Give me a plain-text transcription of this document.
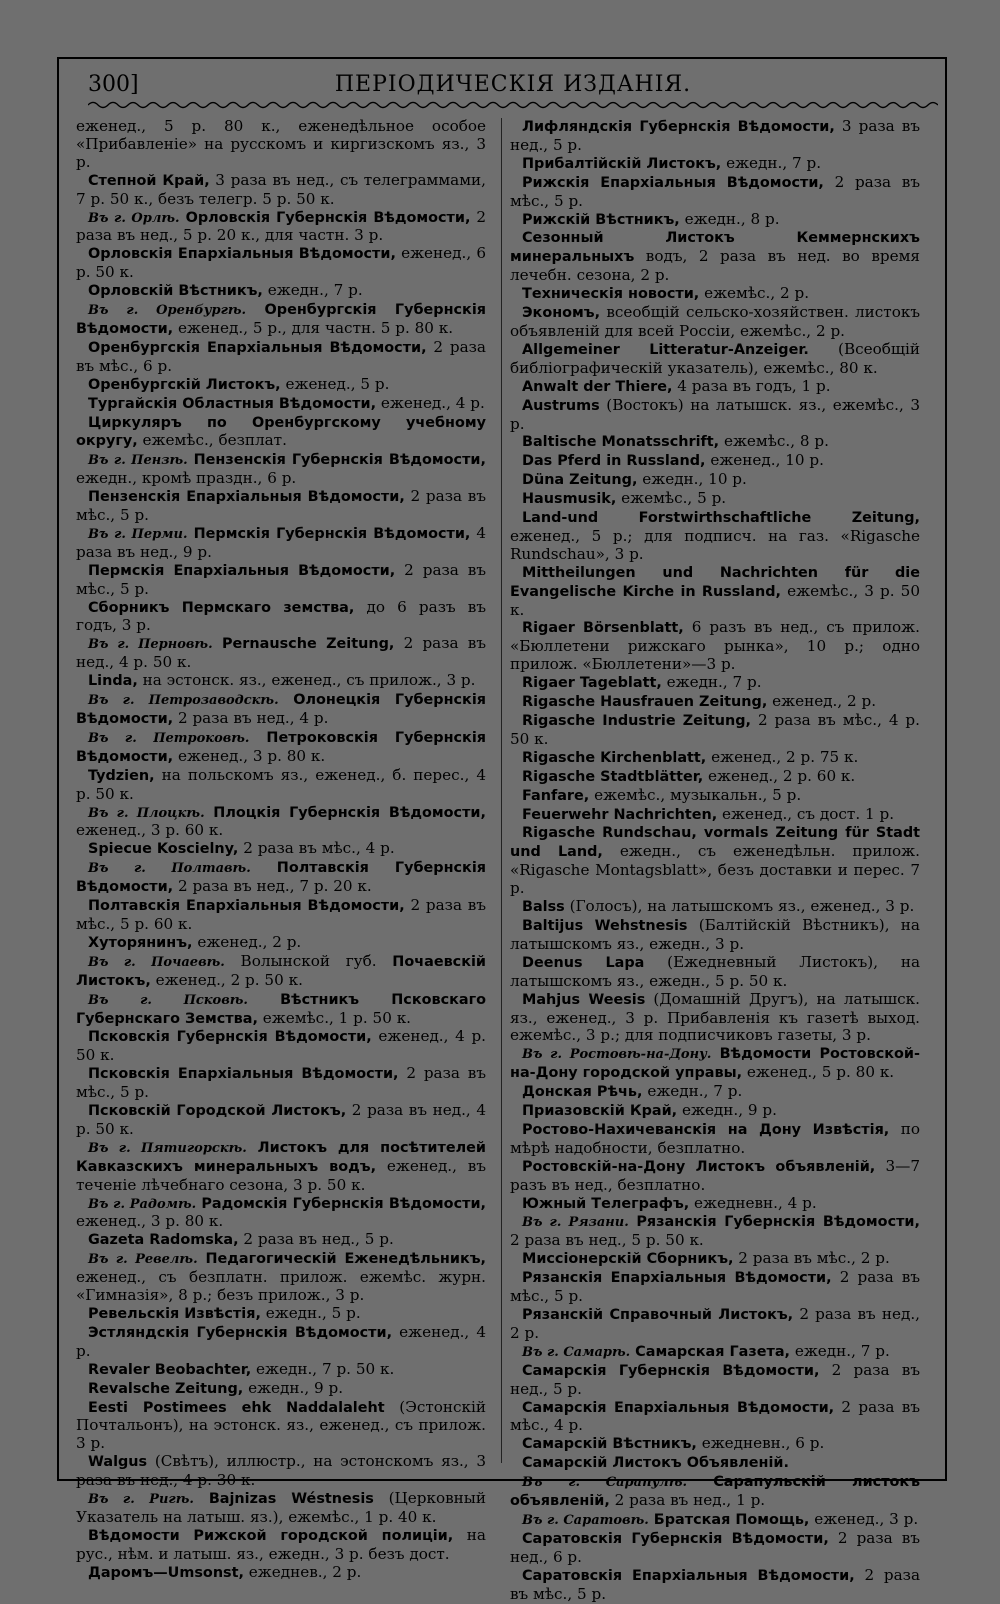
300]	ПЕРІОДИЧЕСКІЯ ИЗДАНІЯ.

еженед., 5 р. 80 к., еженедѣльное особое «Прибавленіе» на русскомъ и киргизскомъ яз., 3 р.

Степной Край, 3 раза въ нед., съ телеграммами, 7 р. 50 к., безъ телегр. 5 р. 50 к.

Въ г. Орлѣ. Орловскія Губернскія Вѣдомости, 2 раза въ нед., 5 р. 20 к., для частн. 3 р.

Орловскія Епархіальныя Вѣдомости, еженед., 6 р. 50 к.

Орловскій Вѣстникъ, ежедн., 7 р.

Въ г. Оренбургѣ. Оренбургскія Губернскія Вѣдомости, еженед., 5 р., для частн. 5 р. 80 к.

Оренбургскія Епархіальныя Вѣдомости, 2 раза въ мѣс., 6 р.

Оренбургскій Листокъ, еженед., 5 р.

Тургайскія Областныя Вѣдомости, еженед., 4 р.

Циркуляръ по Оренбургскому учебному округу, ежемѣс., безплат.

Въ г. Пензѣ. Пензенскія Губернскія Вѣдомости, ежедн., кромѣ праздн., 6 р.

Пензенскія Епархіальныя Вѣдомости, 2 раза въ мѣс., 5 р.

Въ г. Перми. Пермскія Губернскія Вѣдомости, 4 раза въ нед., 9 р.

Пермскія Епархіальныя Вѣдомости, 2 раза въ мѣс., 5 р.

Сборникъ Пермскаго земства, до 6 разъ въ годъ, 3 р.

Въ г. Перновѣ. Pernausche Zeitung, 2 раза въ нед., 4 р. 50 к.

Linda, на эстонск. яз., еженед., съ прилож., 3 р.

Въ г. Петрозаводскѣ. Олонецкія Губернскія Вѣдомости, 2 раза въ нед., 4 р.

Въ г. Петроковѣ. Петроковскія Губернскія Вѣдомости, еженед., 3 р. 80 к.

Tydzien, на польскомъ яз., еженед., б. перес., 4 р. 50 к.

Въ г. Плоцкѣ. Плоцкія Губернскія Вѣдомости, еженед., 3 р. 60 к.

Spiecue Koscielny, 2 раза въ мѣс., 4 р.

Въ г. Полтавѣ. Полтавскія Губернскія Вѣдомости, 2 раза въ нед., 7 р. 20 к.

Полтавскія Епархіальныя Вѣдомости, 2 раза въ мѣс., 5 р. 60 к.

Хуторянинъ, еженед., 2 р.

Въ г. Почаевѣ. Волынской губ. Почаевскій Листокъ, еженед., 2 р. 50 к.

Въ г. Псковѣ. Вѣстникъ Псковскаго Губернскаго Земства, ежемѣс., 1 р. 50 к.

Псковскія Губернскія Вѣдомости, еженед., 4 р. 50 к.

Псковскія Епархіальныя Вѣдомости, 2 раза въ мѣс., 5 р.

Псковскій Городской Листокъ, 2 раза въ нед., 4 р. 50 к.

Въ г. Пятигорскѣ. Листокъ для посѣтителей Кавказскихъ минеральныхъ водъ, еженед., въ теченіе лѣчебнаго сезона, 3 р. 50 к.

Въ г. Радомѣ. Радомскія Губернскія Вѣдомости, еженед., 3 р. 80 к.

Gazeta Radomska, 2 раза въ нед., 5 р.

Въ г. Ревелѣ. Педагогическій Еженедѣльникъ, еженед., съ безплатн. прилож. ежемѣс. журн. «Гимназія», 8 р.; безъ прилож., 3 р.

Ревельскія Извѣстія, ежедн., 5 р.

Эстляндскія Губернскія Вѣдомости, еженед., 4 р.

Revaler Beobachter, ежедн., 7 р. 50 к.

Revalsche Zeitung, ежедн., 9 р.

Eesti Postimees ehk Naddalaleht (Эстонскій Почтальонъ), на эстонск. яз., еженед., съ прилож. 3 р.

Walgus (Свѣтъ), иллюстр., на эстонскомъ яз., 3 раза въ нед., 4 р. 30 к.

Въ г. Ригѣ. Bajnizas Wéstnesis (Церковный Указатель на латыш. яз.), ежемѣс., 1 р. 40 к.

Вѣдомости Рижской городской полиціи, на рус., нѣм. и латыш. яз., ежедн., 3 р. безъ дост.

Даромъ—Umsonst, ежеднев., 2 р.

Лифляндскія Губернскія Вѣдомости, 3 раза въ нед., 5 р.

Прибалтійскій Листокъ, ежедн., 7 р.

Рижскія Епархіальныя Вѣдомости, 2 раза въ мѣс., 5 р.

Рижскій Вѣстникъ, ежедн., 8 р.

Сезонный Листокъ Кеммернскихъ минеральныхъ водъ, 2 раза въ нед. во время лечебн. сезона, 2 р.

Техническія новости, ежемѣс., 2 р.

Экономъ, всеобщій сельско-хозяйствен. листокъ объявленій для всей Россіи, ежемѣс., 2 р.

Allgemeiner Litteratur-Anzeiger. (Всеобщій библіографическій указатель), ежемѣс., 80 к.

Anwalt der Thiere, 4 раза въ годъ, 1 р.

Austrums (Востокъ) на латышск. яз., ежемѣс., 3 р.

Baltische Monatsschrift, ежемѣс., 8 р.

Das Pferd in Russland, еженед., 10 р.

Düna Zeitung, ежедн., 10 р.

Hausmusik, ежемѣс., 5 р.

Land-und Forstwirthschaftliche Zeitung, еженед., 5 р.; для подписч. на газ. «Rigasche Rundschau», 3 р.

Mittheilungen und Nachrichten für die Evangelische Kirche in Russland, ежемѣс., 3 р. 50 к.

Rigaer Börsenblatt, 6 разъ въ нед., съ прилож. «Бюллетени рижскаго рынка», 10 р.; одно прилож. «Бюллетени»—3 р.

Rigaer Tageblatt, ежедн., 7 р.

Rigasche Hausfrauen Zeitung, еженед., 2 р.

Rigasche Industrie Zeitung, 2 раза въ мѣс., 4 р. 50 к.

Rigasche Kirchenblatt, еженед., 2 р. 75 к.

Rigasche Stadtblätter, еженед., 2 р. 60 к.

Fanfare, ежемѣс., музыкальн., 5 р.

Feuerwehr Nachrichten, еженед., съ дост. 1 р.

Rigasche Rundschau, vormals Zeitung für Stadt und Land, ежедн., съ еженедѣльн. прилож. «Rigasche Montagsblatt», безъ доставки и перес. 7 р.

Balss (Голосъ), на латышскомъ яз., еженед., 3 р.

Baltijus Wehstnesis (Балтійскій Вѣстникъ), на латышскомъ яз., ежедн., 3 р.

Deenus Lapa (Ежедневный Листокъ), на латышскомъ яз., ежедн., 5 р. 50 к.

Mahjus Weesis (Домашній Другъ), на латышск. яз., еженед., 3 р. Прибавленія къ газетѣ выход. ежемѣс., 3 р.; для подписчиковъ газеты, 3 р.

Въ г. Ростовѣ-на-Дону. Вѣдомости Ростовской-на-Дону городской управы, еженед., 5 р. 80 к.

Донская Рѣчь, ежедн., 7 р.

Приазовскій Край, ежедн., 9 р.

Ростово-Нахичеванскія на Дону Извѣстія, по мѣрѣ надобности, безплатно.

Ростовскій-на-Дону Листокъ объявленій, 3—7 разъ въ нед., безплатно.

Южный Телеграфъ, ежедневн., 4 р.

Въ г. Рязани. Рязанскія Губернскія Вѣдомости, 2 раза въ нед., 5 р. 50 к.

Миссіонерскій Сборникъ, 2 раза въ мѣс., 2 р.

Рязанскія Епархіальныя Вѣдомости, 2 раза въ мѣс., 5 р.

Рязанскій Справочный Листокъ, 2 раза въ нед., 2 р.

Въ г. Самарѣ. Самарская Газета, ежедн., 7 р.

Самарскія Губернскія Вѣдомости, 2 раза въ нед., 5 р.

Самарскія Епархіальныя Вѣдомости, 2 раза въ мѣс., 4 р.

Самарскій Вѣстникъ, ежедневн., 6 р.

Самарскій Листокъ Объявленій.

Въ г. Сарапулѣ. Сарапульскій листокъ объявленій, 2 раза въ нед., 1 р.

Въ г. Саратовѣ. Братская Помощь, еженед., 3 р.

Саратовскія Губернскія Вѣдомости, 2 раза въ нед., 6 р.

Саратовскія Епархіальныя Вѣдомости, 2 раза въ мѣс., 5 р.
